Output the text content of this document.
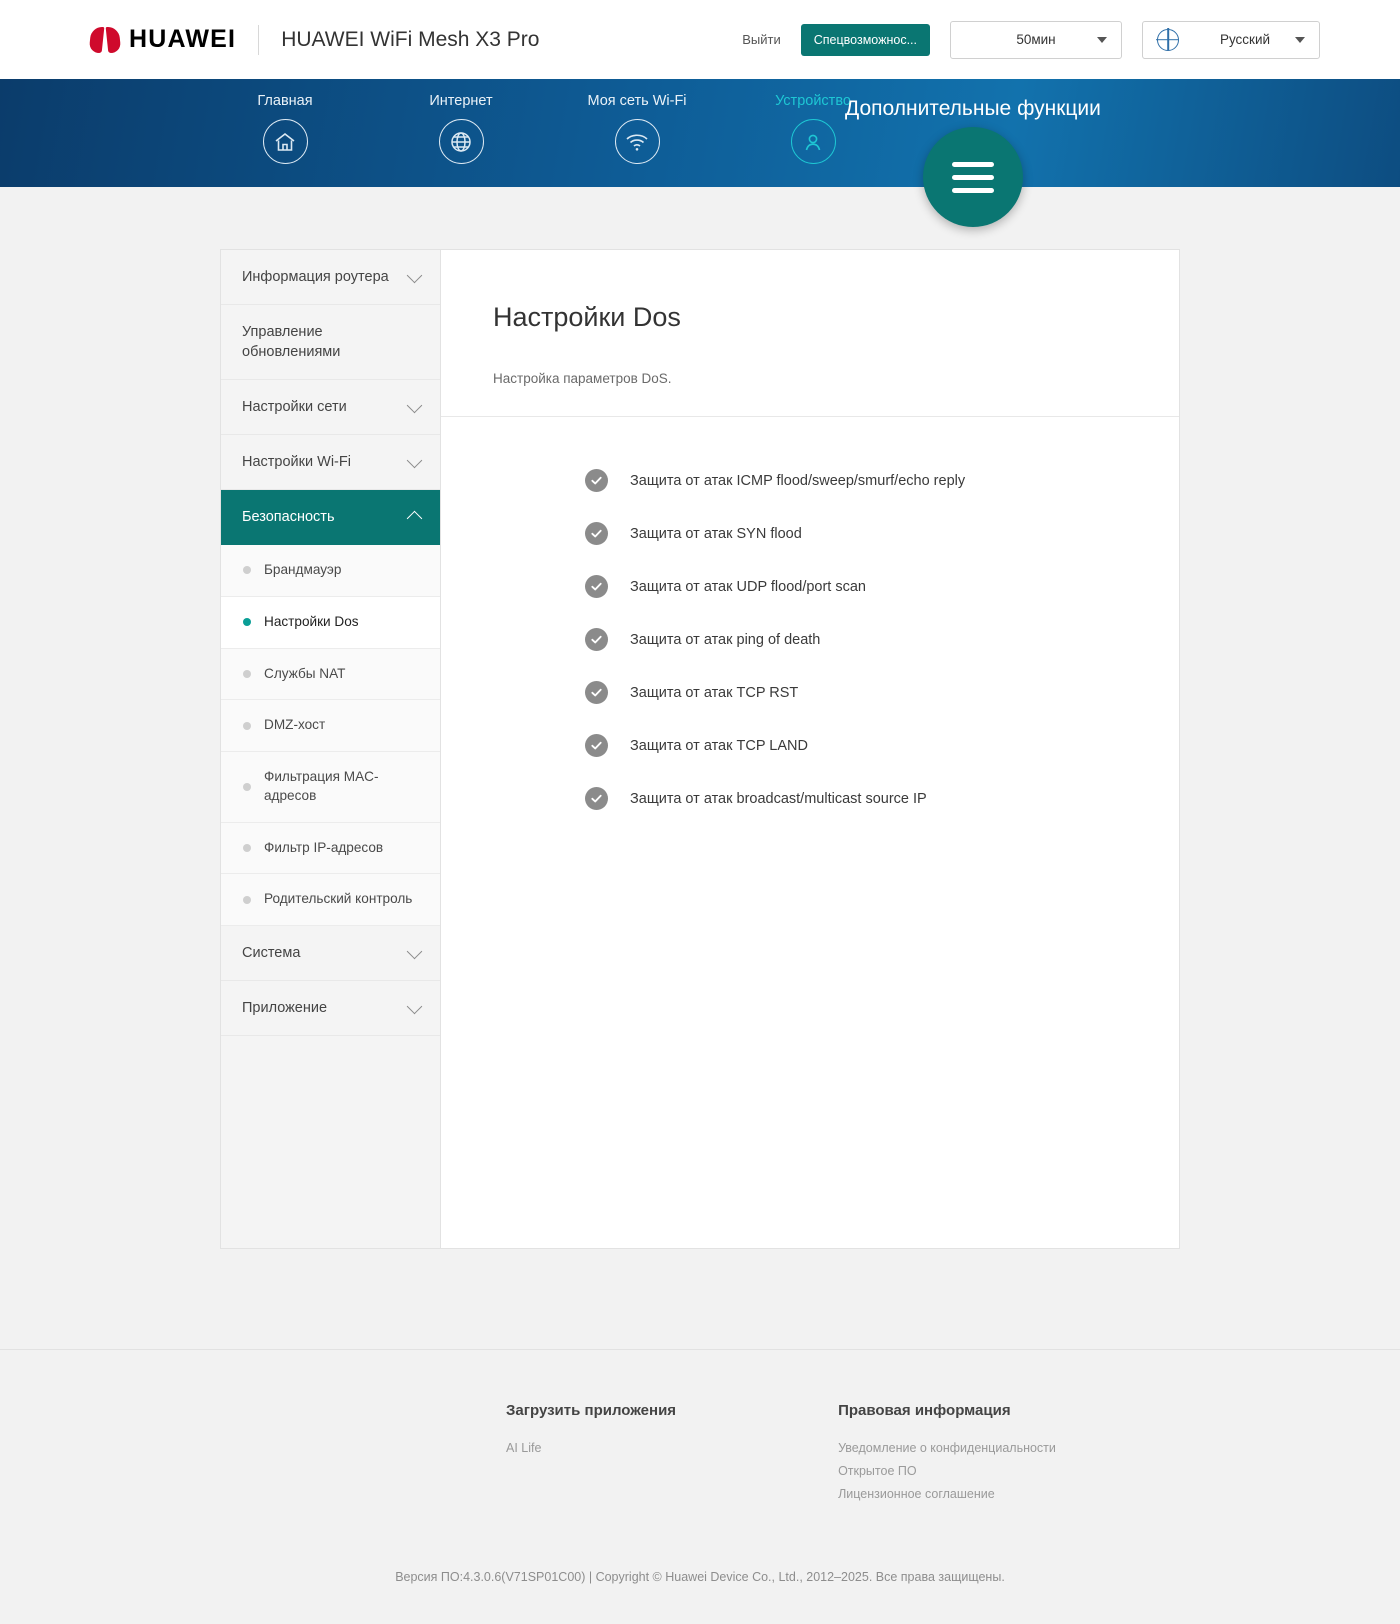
HUAWEI HUAWEI WiFi Mesh X3 Pro	Выйти	Спецвозможнос...	50мин	Русский
Главная	Интернет	Моя сеть Wi-Fi	Устройство
Дополнительные функции
Информация роутера
Управление обновлениями
Настройки сети
Настройки Wi-Fi
Безопасность
Брандмауэр
Настройки Dos
Службы NAT
DMZ-хост
Фильтрация MAC-адресов
Фильтр IP-адресов
Родительский контроль
Система
Приложение
Настройки Dos

Настройка параметров DoS.

Защита от атак ICMP flood/sweep/smurf/echo reply
Защита от атак SYN flood
Защита от атак UDP flood/port scan
Защита от атак ping of death
Защита от атак TCP RST
Защита от атак TCP LAND
Защита от атак broadcast/multicast source IP

Загрузить приложения

AI Life

Правовая информация

Уведомление о конфиденциальности
Открытое ПО
Лицензионное соглашение
Версия ПО:4.3.0.6(V71SP01C00) | Copyright © Huawei Device Co., Ltd., 2012–2025. Все права защищены.
